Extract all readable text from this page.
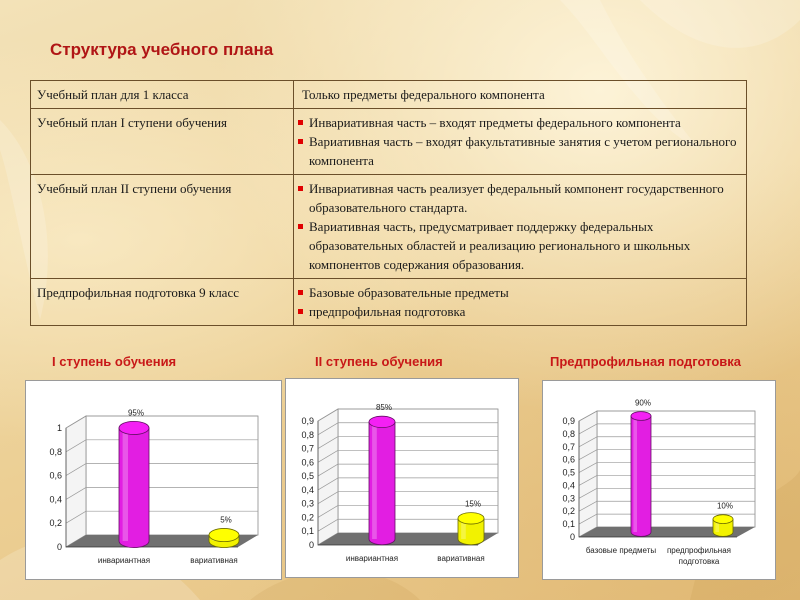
Структура учебного плана
Учебный план для 1 класса	Только предметы федерального компонента
Учебный план I ступени обучения	Инвариативная часть – входят предметы федерального компонента
Вариативная часть – входят факультативные занятия с учетом регионального компонента

Учебный план II ступени обучения	Инвариативная часть реализует федеральный компонент государственного образовательного стандарта.
Вариативная часть, предусматривает поддержку федеральных образовательных областей и реализацию регионального и школьных компонентов содержания образования.

Предпрофильная подготовка 9 класс	Базовые образовательные предметы
предпрофильная подготовка
I ступень обучения	II ступень обучения	Предпрофильная подготовка
0
0,2
0,4
0,6
0,8
1
95%
5%
инвариантная	вариативная
0
0,1
0,2
0,3
0,4
0,5
0,6
0,7
0,8
0,9
85%
15%
инвариантная	вариативная
0
0,1
0,2
0,3
0,4
0,5
0,6
0,7
0,8
0,9
90%
10%
базовые предметы предпрофильная
подготовка
